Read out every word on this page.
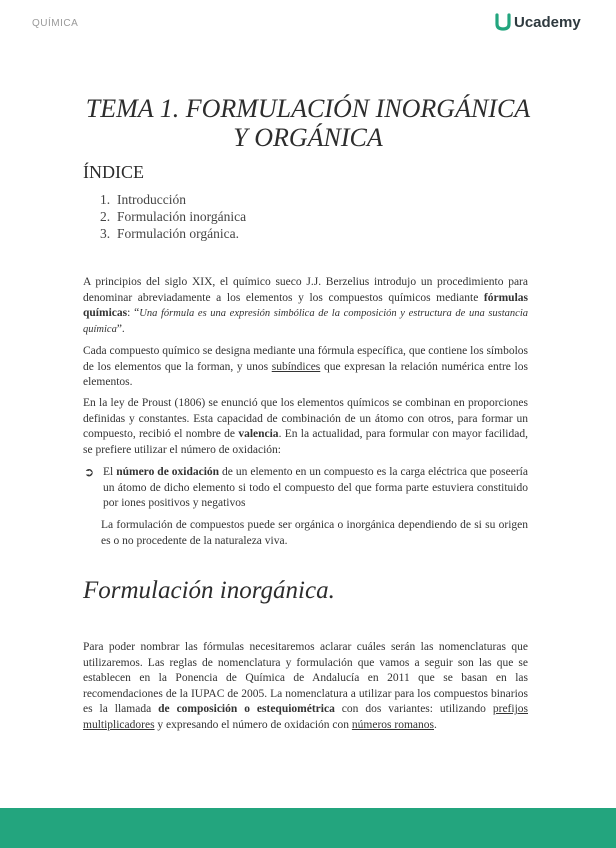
QUÍMICA	Ucademy
TEMA 1. FORMULACIÓN INORGÁNICA
Y ORGÁNICA
ÍNDICE
1. Introducción
2. Formulación inorgánica
3. Formulación orgánica.
A principios del siglo XIX, el químico sueco J.J. Berzelius introdujo un procedimiento para denominar abreviadamente a los elementos y los compuestos químicos mediante fórmulas químicas: “Una fórmula es una expresión simbólica de la composición y estructura de una sustancia química”.
Cada compuesto químico se designa mediante una fórmula específica, que contiene los símbolos de los elementos que la forman, y unos subíndices que expresan la relación numérica entre los elementos.
En la ley de Proust (1806) se enunció que los elementos químicos se combinan en proporciones definidas y constantes. Esta capacidad de combinación de un átomo con otros, para formar un compuesto, recibió el nombre de valencia. En la actualidad, para formular con mayor facilidad, se prefiere utilizar el número de oxidación:
➲ El número de oxidación de un elemento en un compuesto es la carga eléctrica que poseería un átomo de dicho elemento si todo el compuesto del que forma parte estuviera constituido por iones positivos y negativos
La formulación de compuestos puede ser orgánica o inorgánica dependiendo de si su origen es o no procedente de la naturaleza viva.
Formulación inorgánica.
Para poder nombrar las fórmulas necesitaremos aclarar cuáles serán las nomenclaturas que utilizaremos. Las reglas de nomenclatura y formulación que vamos a seguir son las que se establecen en la Ponencia de Química de Andalucía en 2011 que se basan en las recomendaciones de la IUPAC de 2005. La nomenclatura a utilizar para los compuestos binarios es la llamada de composición o estequiométrica con dos variantes: utilizando prefijos multiplicadores y expresando el número de oxidación con números romanos.
